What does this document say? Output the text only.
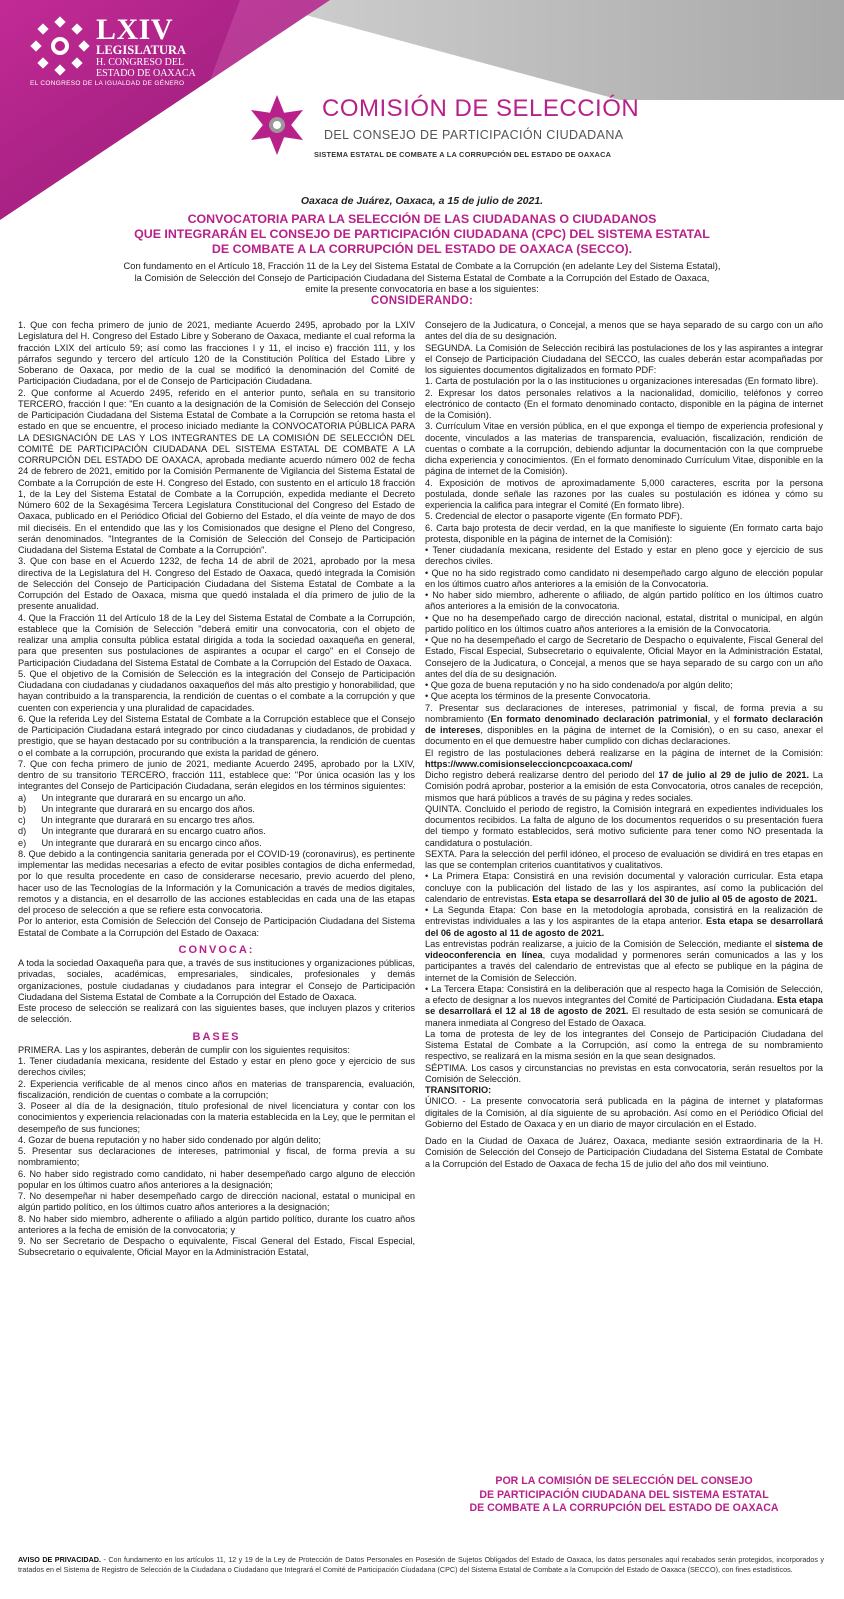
LXIV
LEGISLATURA
H. CONGRESO DEL
ESTADO DE OAXACA
EL CONGRESO DE LA IGUALDAD DE GÉNERO
COMISIÓN DE SELECCIÓN
DEL CONSEJO DE PARTICIPACIÓN CIUDADANA
SISTEMA ESTATAL DE COMBATE A LA CORRUPCIÓN DEL ESTADO DE OAXACA
Oaxaca de Juárez, Oaxaca, a 15 de julio de 2021.
CONVOCATORIA PARA LA SELECCIÓN DE LAS CIUDADANAS O CIUDADANOS
QUE INTEGRARÁN EL CONSEJO DE PARTICIPACIÓN CIUDADANA (CPC) DEL SISTEMA ESTATAL
DE COMBATE A LA CORRUPCIÓN DEL ESTADO DE OAXACA (SECCO).
Con fundamento en el Artículo 18, Fracción 11 de la Ley del Sistema Estatal de Combate a la Corrupción (en adelante Ley del Sistema Estatal),
la Comisión de Selección del Consejo de Participación Ciudadana del Sistema Estatal de Combate a la Corrupción del Estado de Oaxaca,
emite la presente convocatoria en base a los siguientes:
CONSIDERANDO:

1. Que con fecha primero de junio de 2021, mediante Acuerdo 2495, aprobado por la LXIV Legislatura del H. Congreso del Estado Libre y Soberano de Oaxaca, mediante el cual reforma la fracción LXIX del artículo 59; así como las fracciones I y 11, el inciso e) fracción 111, y los párrafos segundo y tercero del artículo 120 de la Constitución Política del Estado Libre y Soberano de Oaxaca, por medio de la cual se modificó la denominación del Comité de Participación Ciudadana, por el de Consejo de Participación Ciudadana.

2. Que conforme al Acuerdo 2495, referido en el anterior punto, señala en su transitorio TERCERO, fracción I que: "En cuanto a la designación de la Comisión de Selección del Consejo de Participación Ciudadana del Sistema Estatal de Combate a la Corrupción se retoma hasta el estado en que se encuentre, el proceso iniciado mediante la CONVOCATORIA PÚBLICA PARA LA DESIGNACIÓN DE LAS Y LOS INTEGRANTES DE LA COMISIÓN DE SELECCIÓN DEL COMITÉ DE PARTICIPACIÓN CIUDADANA DEL SISTEMA ESTATAL DE COMBATE A LA CORRUPCIÓN DEL ESTADO DE OAXACA, aprobada mediante acuerdo número 002 de fecha 24 de febrero de 2021, emitido por la Comisión Permanente de Vigilancia del Sistema Estatal de Combate a la Corrupción de este H. Congreso del Estado, con sustento en el artículo 18 fracción 1, de la Ley del Sistema Estatal de Combate a la Corrupción, expedida mediante el Decreto Número 602 de la Sexagésima Tercera Legislatura Constitucional del Congreso del Estado de Oaxaca, publicado en el Periódico Oficial del Gobierno del Estado, el día veinte de mayo de dos mil dieciséis. En el entendido que las y los Comisionados que designe el Pleno del Congreso, serán denominados. "Integrantes de la Comisión de Selección del Consejo de Participación Ciudadana del Sistema Estatal de Combate a la Corrupción".

3. Que con base en el Acuerdo 1232, de fecha 14 de abril de 2021, aprobado por la mesa directiva de la Legislatura del H. Congreso del Estado de Oaxaca, quedó integrada la Comisión de Selección del Consejo de Participación Ciudadana del Sistema Estatal de Combate a la Corrupción del Estado de Oaxaca, misma que quedó instalada el día primero de julio de la presente anualidad.

4. Que la Fracción 11 del Artículo 18 de la Ley del Sistema Estatal de Combate a la Corrupción, establece que la Comisión de Selección "deberá emitir una convocatoria, con el objeto de realizar una amplia consulta pública estatal dirigida a toda la sociedad oaxaqueña en general, para que presenten sus postulaciones de aspirantes a ocupar el cargo" en el Consejo de Participación Ciudadana del Sistema Estatal de Combate a la Corrupción del Estado de Oaxaca.

5. Que el objetivo de la Comisión de Selección es la integración del Consejo de Participación Ciudadana con ciudadanas y ciudadanos oaxaqueños del más alto prestigio y honorabilidad, que hayan contribuido a la transparencia, la rendición de cuentas o el combate a la corrupción y que cuenten con experiencia y una pluralidad de capacidades.

6. Que la referida Ley del Sistema Estatal de Combate a la Corrupción establece que el Consejo de Participación Ciudadana estará integrado por cinco ciudadanas y ciudadanos, de probidad y prestigio, que se hayan destacado por su contribución a la transparencia, la rendición de cuentas o el combate a la corrupción, procurando que exista la paridad de género.

7. Que con fecha primero de junio de 2021, mediante Acuerdo 2495, aprobado por la LXIV, dentro de su transitorio TERCERO, fracción 111, establece que: "Por única ocasión las y los integrantes del Consejo de Participación Ciudadana, serán elegidos en los términos siguientes:

a)      Un integrante que durarará en su encargo un año.

b)      Un integrante que durarará en su encargo dos años.

c)      Un integrante que durarará en su encargo tres años.

d)      Un integrante que durarará en su encargo cuatro años.

e)      Un integrante que durarará en su encargo cinco años.

8. Que debido a la contingencia sanitaria generada por el COVID-19 (coronavirus), es pertinente implementar las medidas necesarias a efecto de evitar posibles contagios de dicha enfermedad, por lo que resulta procedente en caso de considerarse necesario, previo acuerdo del pleno, hacer uso de las Tecnologías de la Información y la Comunicación a través de medios digitales, remotos y a distancia, en el desarrollo de las acciones establecidas en cada una de las etapas del proceso de selección a que se refiere esta convocatoria.

Por lo anterior, esta Comisión de Selección del Consejo de Participación Ciudadana del Sistema Estatal de Combate a la Corrupción del Estado de Oaxaca:

CONVOCA:

A toda la sociedad Oaxaqueña para que, a través de sus instituciones y organizaciones públicas, privadas, sociales, académicas, empresariales, sindicales, profesionales y demás organizaciones, postule ciudadanas y ciudadanos para integrar el Consejo de Participación Ciudadana del Sistema Estatal de Combate a la Corrupción del Estado de Oaxaca.

Este proceso de selección se realizará con las siguientes bases, que incluyen plazos y criterios de selección.

BASES

PRIMERA. Las y los aspirantes, deberán de cumplir con los siguientes requisitos:

1. Tener ciudadanía mexicana, residente del Estado y estar en pleno goce y ejercicio de sus derechos civiles;

2. Experiencia verificable de al menos cinco años en materias de transparencia, evaluación, fiscalización, rendición de cuentas o combate a la corrupción;

3. Poseer al día de la designación, título profesional de nivel licenciatura y contar con los conocimientos y experiencia relacionadas con la materia establecida en la Ley, que le permitan el desempeño de sus funciones;

4. Gozar de buena reputación y no haber sido condenado por algún delito;

5. Presentar sus declaraciones de intereses, patrimonial y fiscal, de forma previa a su nombramiento;

6. No haber sido registrado como candidato, ni haber desempeñado cargo alguno de elección popular en los últimos cuatro años anteriores a la designación;

7. No desempeñar ni haber desempeñado cargo de dirección nacional, estatal o municipal en algún partido político, en los últimos cuatro años anteriores a la designación;

8. No haber sido miembro, adherente o afiliado a algún partido político, durante los cuatro años anteriores a la fecha de emisión de la convocatoria; y

9. No ser Secretario de Despacho o equivalente, Fiscal General del Estado, Fiscal Especial, Subsecretario o equivalente, Oficial Mayor en la Administración Estatal,

Consejero de la Judicatura, o Concejal, a menos que se haya separado de su cargo con un año antes del día de su designación.

SEGUNDA. La Comisión de Selección recibirá las postulaciones de los y las aspirantes a integrar el Consejo de Participación Ciudadana del SECCO, las cuales deberán estar acompañadas por los siguientes documentos digitalizados en formato PDF:

1. Carta de postulación por la o las instituciones u organizaciones interesadas (En formato libre).

2. Expresar los datos personales relativos a la nacionalidad, domicilio, teléfonos y correo electrónico de contacto (En el formato denominado contacto, disponible en la página de internet de la Comisión).

3. Currículum Vitae en versión pública, en el que exponga el tiempo de experiencia profesional y docente, vinculados a las materias de transparencia, evaluación, fiscalización, rendición de cuentas o combate a la corrupción, debiendo adjuntar la documentación con la que compruebe dicha experiencia y conocimientos. (En el formato denominado Currículum Vitae, disponible en la página de internet de la Comisión).

4. Exposición de motivos de aproximadamente 5,000 caracteres, escrita por la persona postulada, donde señale las razones por las cuales su postulación es idónea y cómo su experiencia la califica para integrar el Comité (En formato libre).

5. Credencial de elector o pasaporte vigente (En formato PDF).

6. Carta bajo protesta de decir verdad, en la que manifieste lo siguiente (En formato carta bajo protesta, disponible en la página de internet de la Comisión):

• Tener ciudadanía mexicana, residente del Estado y estar en pleno goce y ejercicio de sus derechos civiles.

• Que no ha sido registrado como candidato ni desempeñado cargo alguno de elección popular en los últimos cuatro años anteriores a la emisión de la Convocatoria.

• No haber sido miembro, adherente o afiliado, de algún partido político en los últimos cuatro años anteriores a la emisión de la convocatoria.

• Que no ha desempeñado cargo de dirección nacional, estatal, distrital o municipal, en algún partido político en los últimos cuatro años anteriores a la emisión de la Convocatoria.

• Que no ha desempeñado el cargo de Secretario de Despacho o equivalente, Fiscal General del Estado, Fiscal Especial, Subsecretario o equivalente, Oficial Mayor en la Administración Estatal, Consejero de la Judicatura, o Concejal, a menos que se haya separado de su cargo con un año antes del día de su designación.

• Que goza de buena reputación y no ha sido condenado/a por algún delito;

• Que acepta los términos de la presente Convocatoria.

7. Presentar sus declaraciones de intereses, patrimonial y fiscal, de forma previa a su nombramiento (En formato denominado declaración patrimonial, y el formato declaración de intereses, disponibles en la página de internet de la Comisión), o en su caso, anexar el documento en el que demuestre haber cumplido con dichas declaraciones.

El registro de las postulaciones deberá realizarse en la página de internet de la Comisión: https://www.comisionseleccioncpcoaxaca.com/

Dicho registro deberá realizarse dentro del periodo del 17 de julio al 29 de julio de 2021. La Comisión podrá aprobar, posterior a la emisión de esta Convocatoria, otros canales de recepción, mismos que hará públicos a través de su página y redes sociales.

QUINTA. Concluido el periodo de registro, la Comisión integrará en expedientes individuales los documentos recibidos. La falta de alguno de los documentos requeridos o su presentación fuera del tiempo y formato establecidos, será motivo suficiente para tener como NO presentada la candidatura o postulación.

SEXTA. Para la selección del perfil idóneo, el proceso de evaluación se dividirá en tres etapas en las que se contemplan criterios cuantitativos y cualitativos.

• La Primera Etapa: Consistirá en una revisión documental y valoración curricular. Esta etapa concluye con la publicación del listado de las y los aspirantes, así como la publicación del calendario de entrevistas. Esta etapa se desarrollará del 30 de julio al 05 de agosto de 2021.

• La Segunda Etapa: Con base en la metodología aprobada, consistirá en la realización de entrevistas individuales a las y los aspirantes de la etapa anterior. Esta etapa se desarrollará del 06 de agosto al 11 de agosto de 2021.

Las entrevistas podrán realizarse, a juicio de la Comisión de Selección, mediante el sistema de videoconferencia en línea, cuya modalidad y pormenores serán comunicados a las y los participantes a través del calendario de entrevistas que al efecto se publique en la página de internet de la Comisión de Selección.

• La Tercera Etapa: Consistirá en la deliberación que al respecto haga la Comisión de Selección, a efecto de designar a los nuevos integrantes del Comité de Participación Ciudadana. Esta etapa se desarrollará el 12 al 18 de agosto de 2021. El resultado de esta sesión se comunicará de manera inmediata al Congreso del Estado de Oaxaca.

La toma de protesta de ley de los integrantes del Consejo de Participación Ciudadana del Sistema Estatal de Combate a la Corrupción, así como la entrega de su nombramiento respectivo, se realizará en la misma sesión en la que sean designados.

SÉPTIMA. Los casos y circunstancias no previstas en esta convocatoria, serán resueltos por la Comisión de Selección.

TRANSITORIO:

ÚNICO. - La presente convocatoria será publicada en la página de internet y plataformas digitales de la Comisión, al día siguiente de su aprobación. Así como en el Periódico Oficial del Gobierno del Estado de Oaxaca y en un diario de mayor circulación en el Estado.

Dado en la Ciudad de Oaxaca de Juárez, Oaxaca, mediante sesión extraordinaria de la H. Comisión de Selección del Consejo de Participación Ciudadana del Sistema Estatal de Combate a la Corrupción del Estado de Oaxaca de fecha 15 de julio del año dos mil veintiuno.

POR LA COMISIÓN DE SELECCIÓN DEL CONSEJO
DE PARTICIPACIÓN CIUDADANA DEL SISTEMA ESTATAL
DE COMBATE A LA CORRUPCIÓN DEL ESTADO DE OAXACA
AVISO DE PRIVACIDAD. - Con fundamento en los artículos 11, 12 y 19 de la Ley de Protección de Datos Personales en Posesión de Sujetos Obligados del Estado de Oaxaca, los datos personales aquí recabados serán protegidos, incorporados y tratados en el Sistema de Registro de Selección de la Ciudadana o Ciudadano que Integrará el Comité de Participación Ciudadana (CPC) del Sistema Estatal de Combate a la Corrupción del Estado de Oaxaca (SECCO), con fines estadísticos.
